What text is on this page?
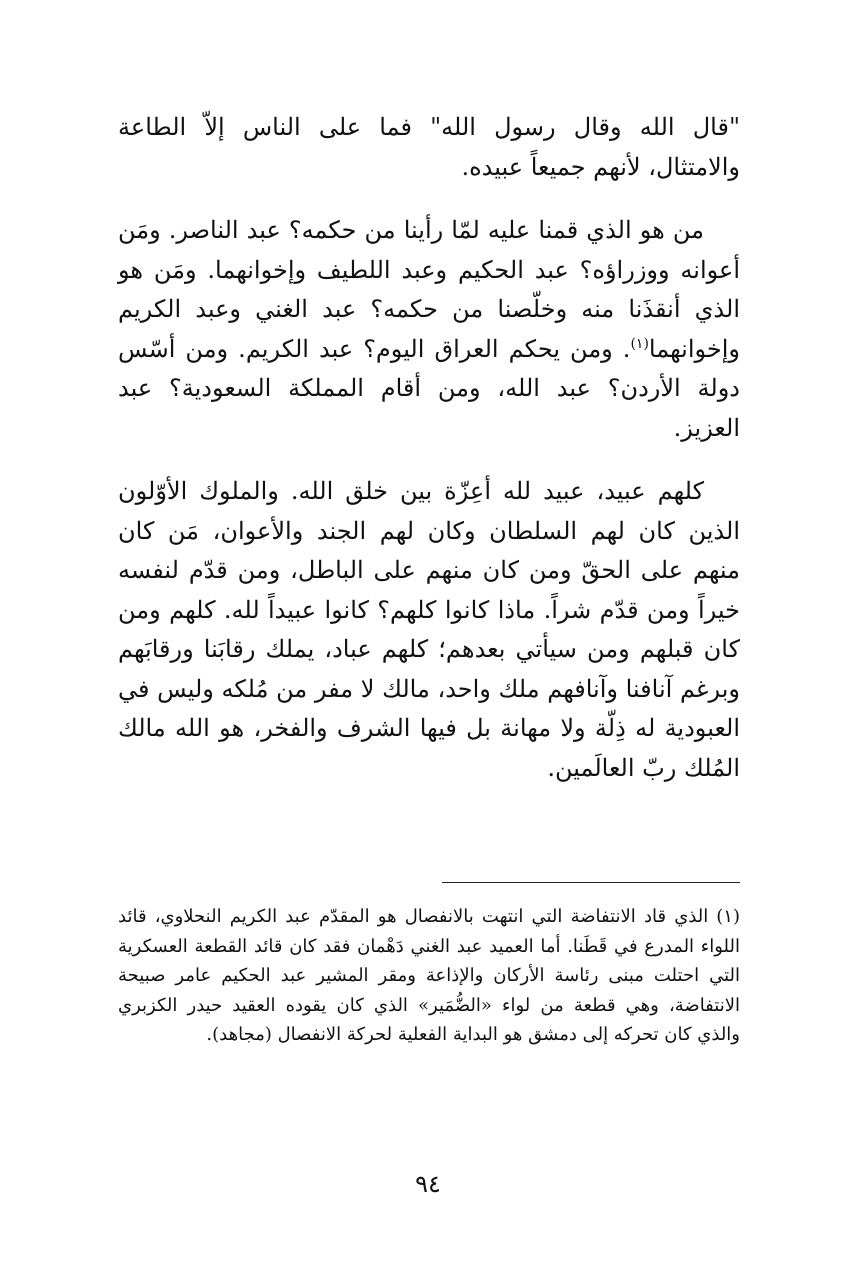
"قال الله وقال رسول الله" فما على الناس إلاّ الطاعة والامتثال، لأنهم جميعاً عبيده.

من هو الذي قمنا عليه لمّا رأينا من حكمه؟ عبد الناصر. ومَن أعوانه ووزراؤه؟ عبد الحكيم وعبد اللطيف وإخوانهما. ومَن هو الذي أنقذَنا منه وخلّصنا من حكمه؟ عبد الغني وعبد الكريم وإخوانهما$^{(١)}$. ومن يحكم العراق اليوم؟ عبد الكريم. ومن أسّس دولة الأردن؟ عبد الله، ومن أقام المملكة السعودية؟ عبد العزيز.

كلهم عبيد، عبيد لله أعِزّة بين خلق الله. والملوك الأوّلون الذين كان لهم السلطان وكان لهم الجند والأعوان، مَن كان منهم على الحقّ ومن كان منهم على الباطل، ومن قدّم لنفسه خيراً ومن قدّم شراً. ماذا كانوا كلهم؟ كانوا عبيداً لله. كلهم ومن كان قبلهم ومن سيأتي بعدهم؛ كلهم عباد، يملك رقابَنا ورقابَهم وبرغم آنافنا وآنافهم ملك واحد، مالك لا مفر من مُلكه وليس في العبودية له ذِلّة ولا مهانة بل فيها الشرف والفخر، هو الله مالك المُلك ربّ العالَمين.

(١)الذي قاد الانتفاضة التي انتهت بالانفصال هو المقدّم عبد الكريم النحلاوي، قائد اللواء المدرع في قَطَنا. أما العميد عبد الغني دَهْمان فقد كان قائد القطعة العسكرية التي احتلت مبنى رئاسة الأركان والإذاعة ومقر المشير عبد الحكيم عامر صبيحة الانتفاضة، وهي قطعة من لواء «الضُّمَير» الذي كان يقوده العقيد حيدر الكزبري والذي كان تحركه إلى دمشق هو البداية الفعلية لحركة الانفصال (مجاهد).

٩٤
